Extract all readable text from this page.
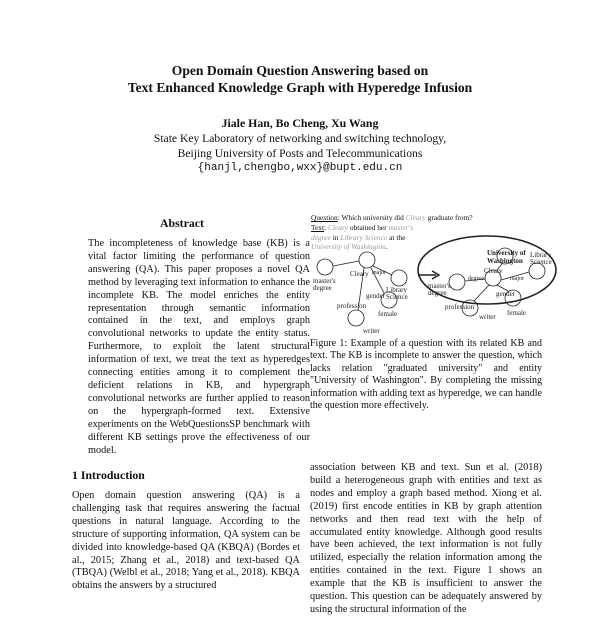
Open Domain Question Answering based on
Text Enhanced Knowledge Graph with Hyperedge Infusion
Jiale Han, Bo Cheng, Xu Wang
State Key Laboratory of networking and switching technology,
Beijing University of Posts and Telecommunications
{hanjl,chengbo,wxx}@bupt.edu.cn
Abstract
The incompleteness of knowledge base (KB) is a vital factor limiting the performance of question answering (QA). This paper proposes a novel QA method by leveraging text information to enhance the incomplete KB. The model enriches the entity representation through semantic information contained in the text, and employs graph convolutional networks to update the entity status. Furthermore, to exploit the latent structural information of text, we treat the text as hyperedges connecting entities among it to complement the deficient relations in KB, and hypergraph convolutional networks are further applied to reason on the hypergraph-formed text. Extensive experiments on the WebQuestionsSP benchmark with different KB settings prove the effectiveness of our model.
1 Introduction
Open domain question answering (QA) is a challenging task that requires answering the factual questions in natural language. According to the structure of supporting information, QA system can be divided into knowledge-based QA (KBQA) (Bordes et al., 2015; Zhang et al., 2018) and text-based QA (TBQA) (Welbl et al., 2018; Yang et al., 2018). KBQA obtains the answers by a structured
association between KB and text. Sun et al. (2018) build a heterogeneous graph with entities and text as nodes and employ a graph based method. Xiong et al. (2019) first encode entities in KB by graph attention networks and then read text with the help of accumulated entity knowledge. Although good results have been achieved, the text information is not fully utilized, especially the relation information among the entities contained in the text. Figure 1 shows an example that the KB is insufficient to answer the question. This question can be adequately answered by using the structural information of the
Question: Which university did Cleary graduate from?
Text: Cleary obtained her master's degree in Library Science at the University of Washington.
Cleary
master's degree	Library Science
gender
profession
female
writer
major
University of Washington
Library Science
Cleary
degree	major
master's degree	gender
profession
female
writer
Figure 1: Example of a question with its related KB and text. The KB is incomplete to answer the question, which lacks relation "graduated university" and entity "University of Washington". By completing the missing information with adding text as hyperedge, we can handle the question more effectively.
